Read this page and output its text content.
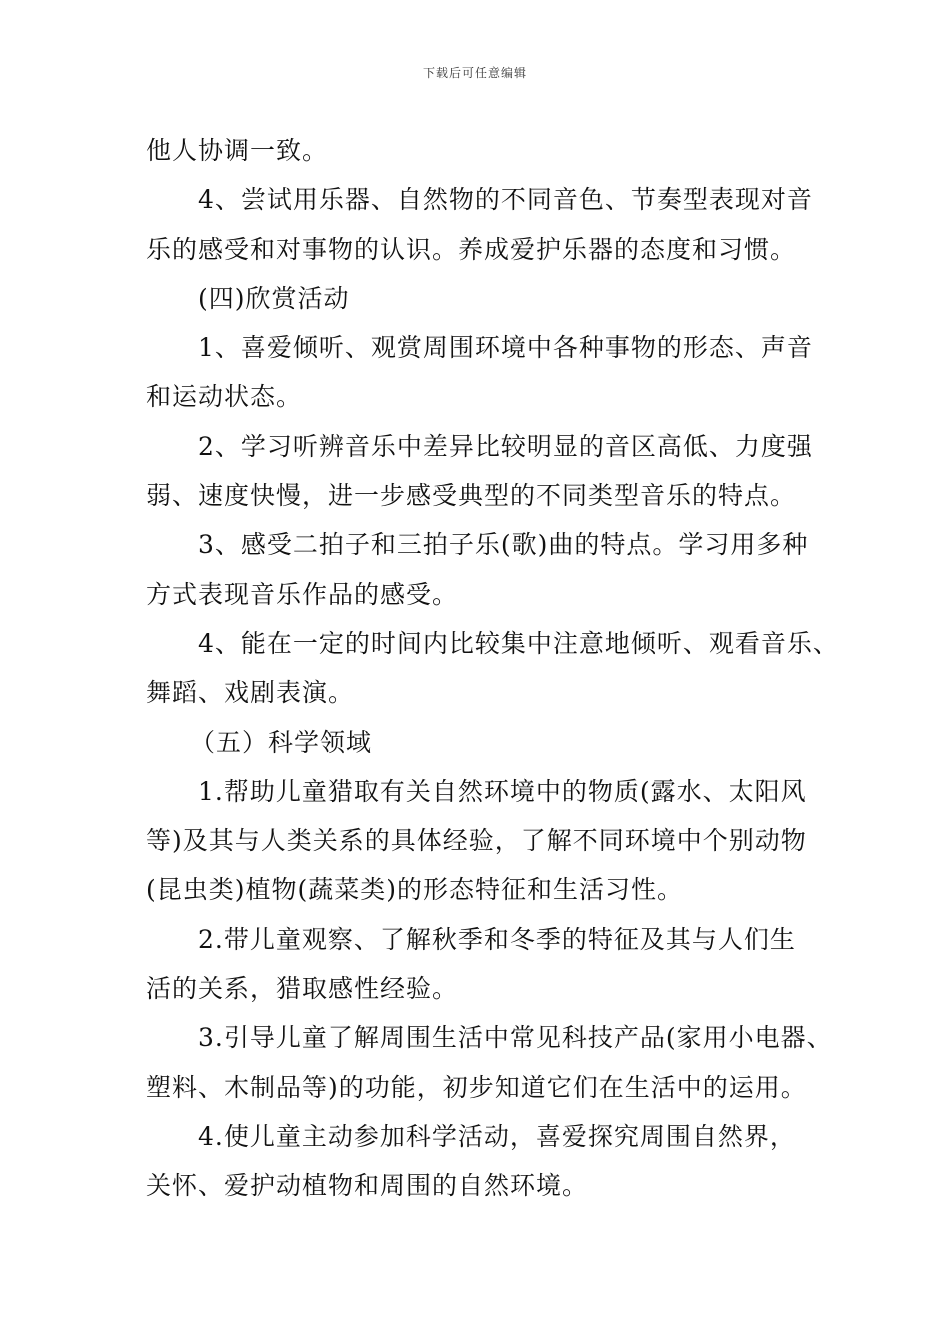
下载后可任意编辑

他人协调一致。

4、尝试用乐器、自然物的不同音色、节奏型表现对音

乐的感受和对事物的认识。养成爱护乐器的态度和习惯。

(四)欣赏活动

1、喜爱倾听、观赏周围环境中各种事物的形态、声音

和运动状态。

2、学习听辨音乐中差异比较明显的音区高低、力度强

弱、速度快慢，进一步感受典型的不同类型音乐的特点。

3、感受二拍子和三拍子乐(歌)曲的特点。学习用多种

方式表现音乐作品的感受。

4、能在一定的时间内比较集中注意地倾听、观看音乐、

舞蹈、戏剧表演。

（五）科学领域

1.帮助儿童猎取有关自然环境中的物质(露水、太阳风

等)及其与人类关系的具体经验，了解不同环境中个别动物

(昆虫类)植物(蔬菜类)的形态特征和生活习性。

2.带儿童观察、了解秋季和冬季的特征及其与人们生

活的关系，猎取感性经验。

3.引导儿童了解周围生活中常见科技产品(家用小电器、

塑料、木制品等)的功能，初步知道它们在生活中的运用。

4.使儿童主动参加科学活动，喜爱探究周围自然界，

关怀、爱护动植物和周围的自然环境。
